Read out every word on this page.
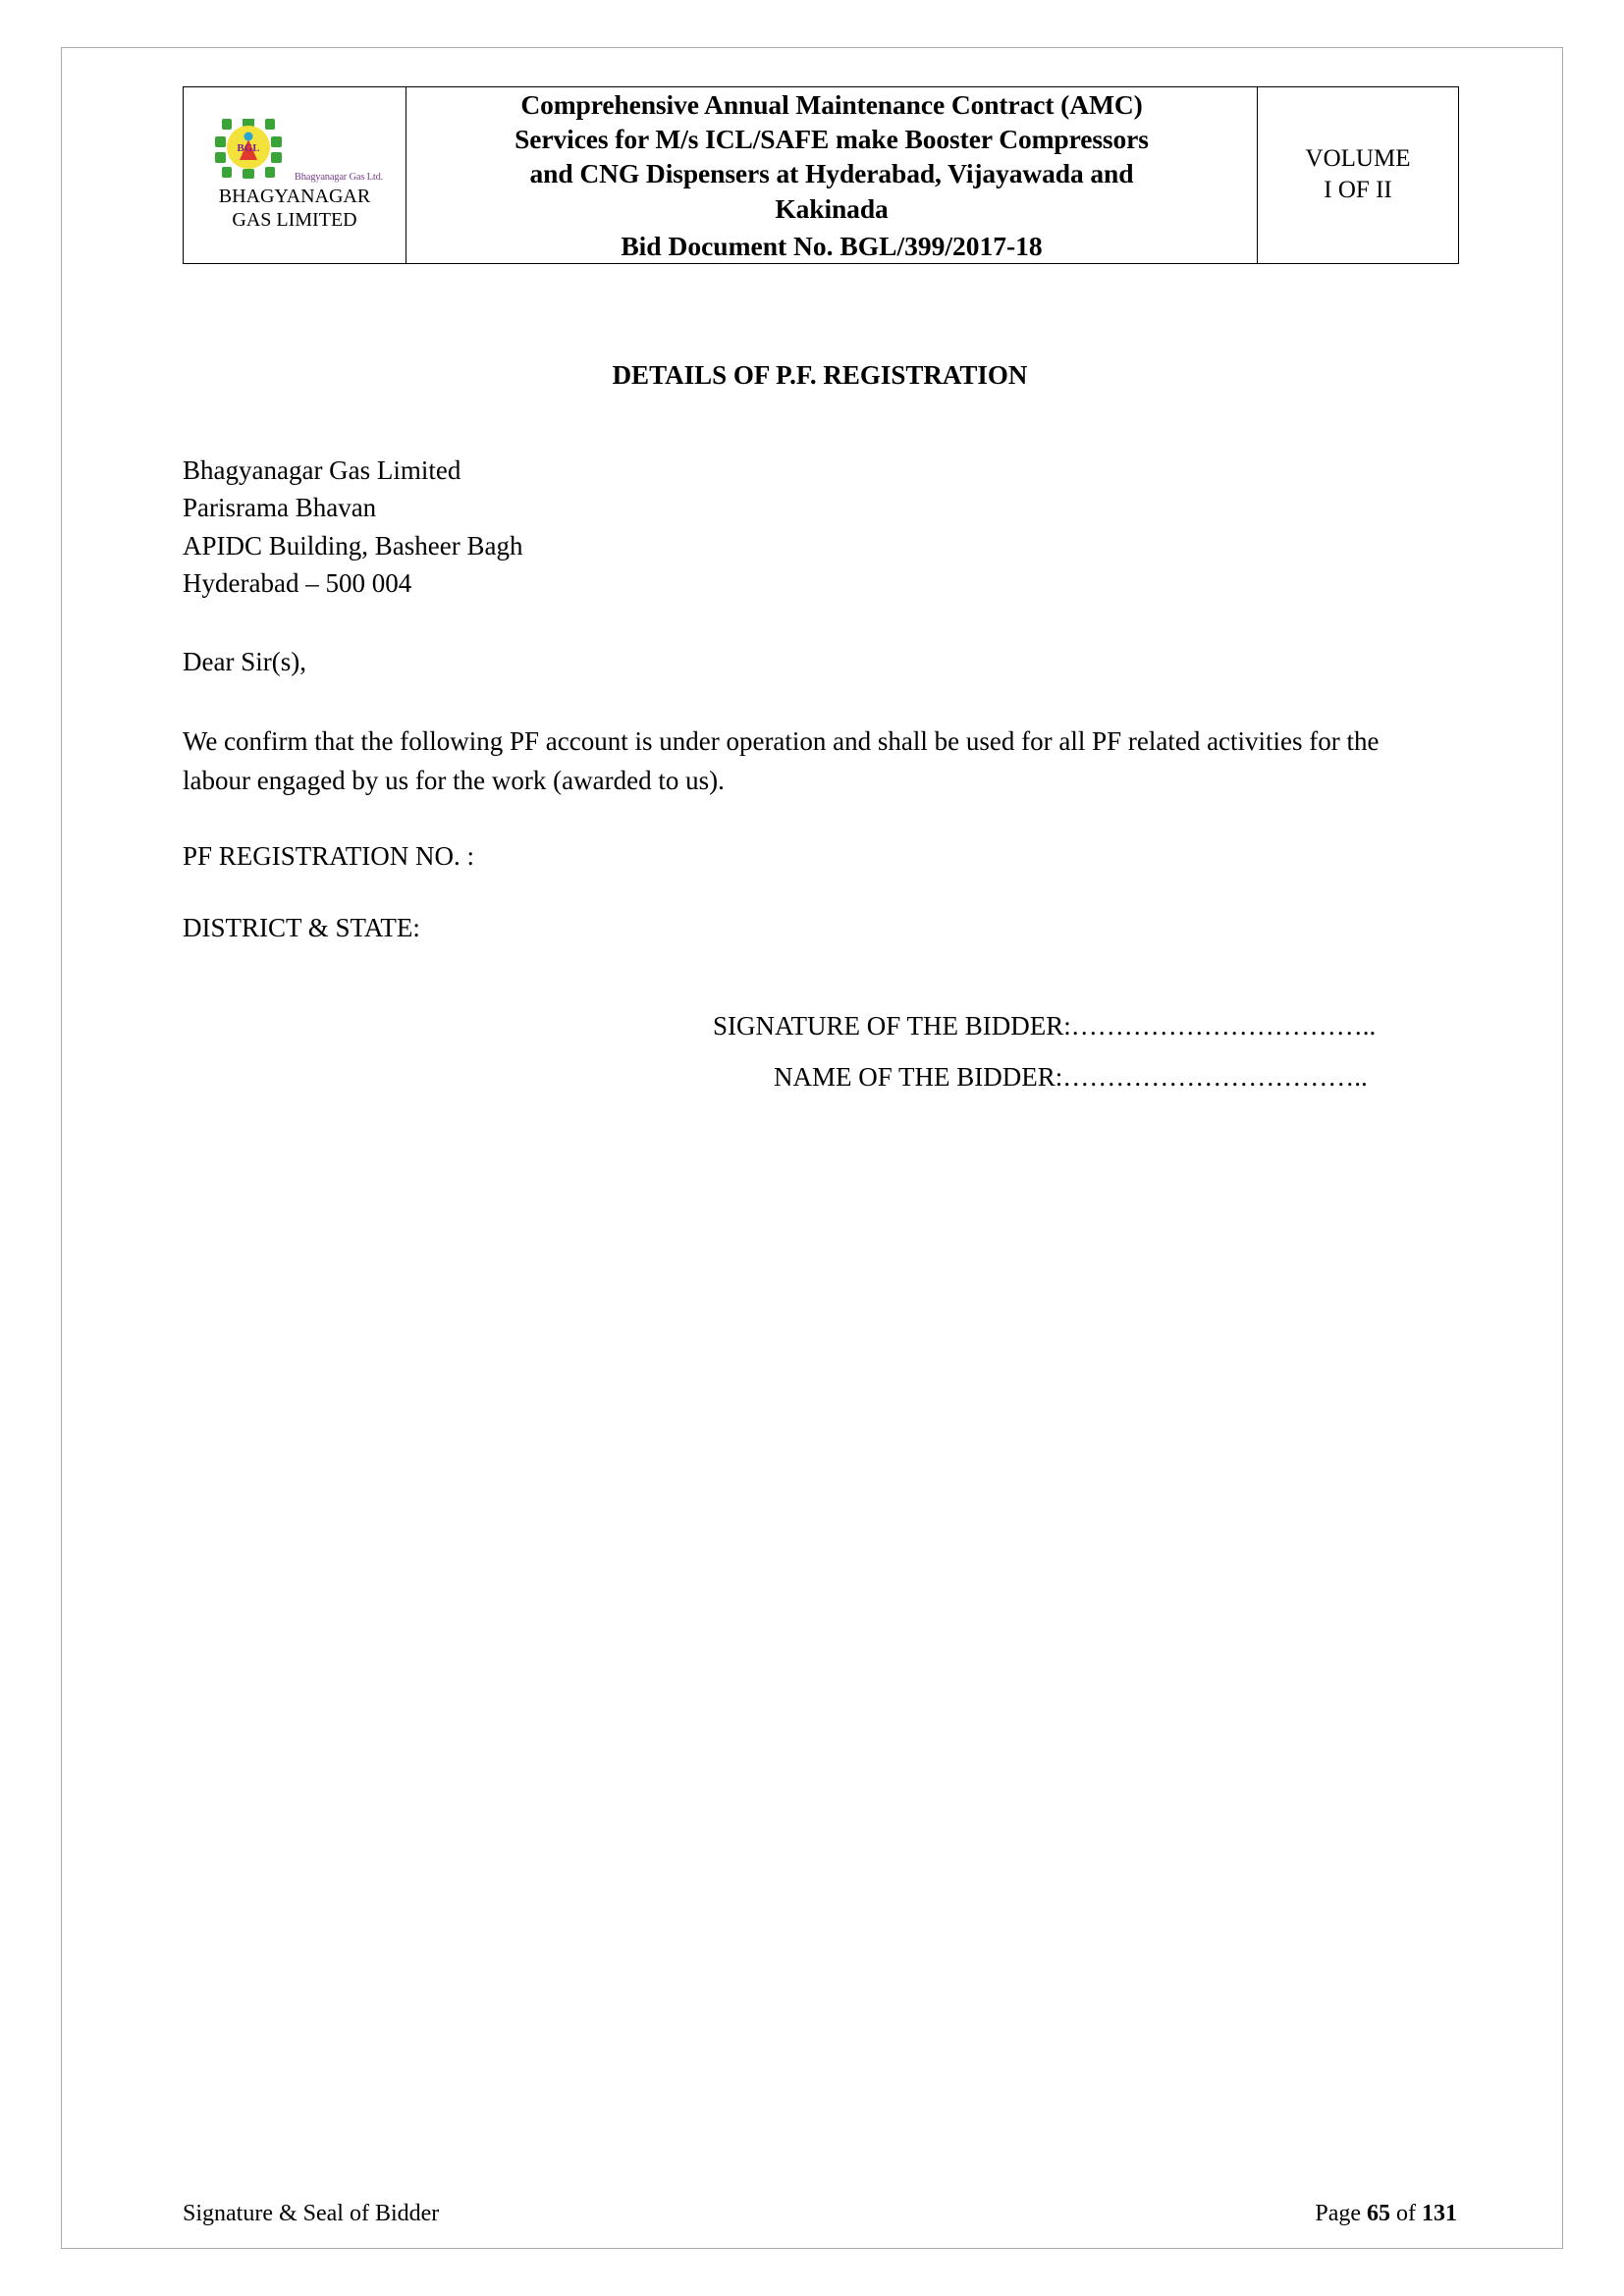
BGL
Bhagyanagar Gas Ltd. BHAGYANAGAR
GAS LIMITED

Comprehensive Annual Maintenance Contract (AMC)
Services for M/s ICL/SAFE make Booster Compressors
and CNG Dispensers at Hyderabad, Vijayawada and
Kakinada
Bid Document No. BGL/399/2017-18

VOLUME
I OF II
DETAILS OF P.F. REGISTRATION
Bhagyanagar Gas Limited
Parisrama Bhavan
APIDC Building, Basheer Bagh
Hyderabad – 500 004
Dear Sir(s),
We confirm that the following PF account is under operation and shall be used for all PF related activities for the labour engaged by us for the work (awarded to us).
PF REGISTRATION NO. :
DISTRICT & STATE:
SIGNATURE OF THE BIDDER:……………………………..
NAME OF THE BIDDER:……………………………..
Signature & Seal of Bidder	Page 65 of 131
